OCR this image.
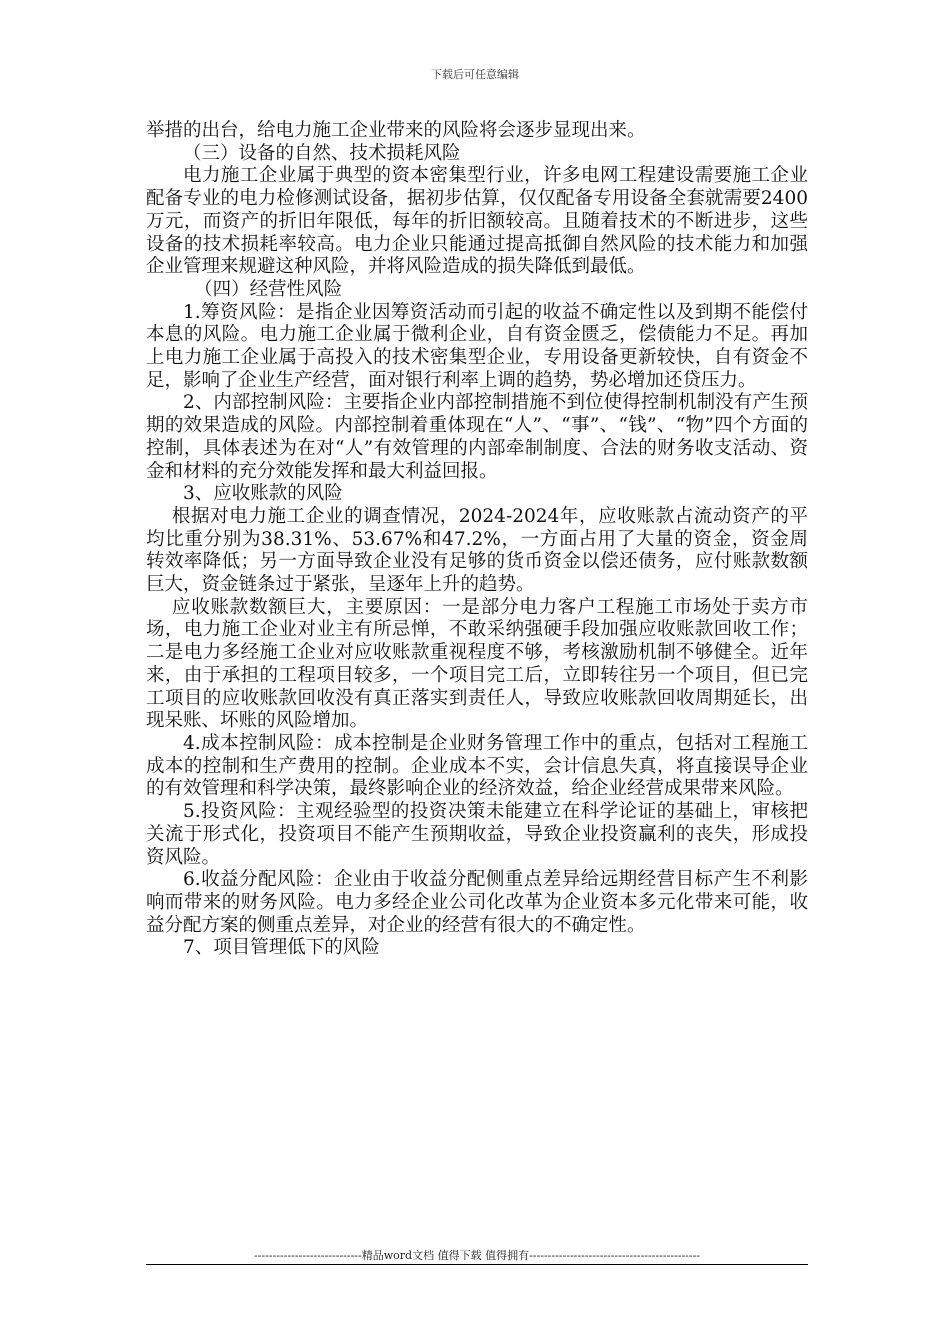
下载后可任意编辑

举措的出台，给电力施工企业带来的风险将会逐步显现出来。

（三）设备的自然、技术损耗风险

电力施工企业属于典型的资本密集型行业，许多电网工程建设需要施工企业配备专业的电力检修测试设备，据初步估算，仅仅配备专用设备全套就需要2400万元，而资产的折旧年限低，每年的折旧额较高。且随着技术的不断进步，这些设备的技术损耗率较高。电力企业只能通过提高抵御自然风险的技术能力和加强企业管理来规避这种风险，并将风险造成的损失降低到最低。

（四）经营性风险

1.筹资风险：是指企业因筹资活动而引起的收益不确定性以及到期不能偿付本息的风险。电力施工企业属于微利企业，自有资金匮乏，偿债能力不足。再加上电力施工企业属于高投入的技术密集型企业，专用设备更新较快，自有资金不足，影响了企业生产经营，面对银行利率上调的趋势，势必增加还贷压力。

2、内部控制风险：主要指企业内部控制措施不到位使得控制机制没有产生预期的效果造成的风险。内部控制着重体现在“人”、“事”、“钱”、“物”四个方面的控制，具体表述为在对“人”有效管理的内部牵制制度、合法的财务收支活动、资金和材料的充分效能发挥和最大利益回报。

3、应收账款的风险

根据对电力施工企业的调查情况，2024-2024年，应收账款占流动资产的平均比重分别为38.31%、53.67%和47.2%，一方面占用了大量的资金，资金周转效率降低；另一方面导致企业没有足够的货币资金以偿还债务，应付账款数额巨大，资金链条过于紧张，呈逐年上升的趋势。

应收账款数额巨大，主要原因：一是部分电力客户工程施工市场处于卖方市场，电力施工企业对业主有所忌惮，不敢采纳强硬手段加强应收账款回收工作；二是电力多经施工企业对应收账款重视程度不够，考核激励机制不够健全。近年来，由于承担的工程项目较多，一个项目完工后，立即转往另一个项目，但已完工项目的应收账款回收没有真正落实到责任人，导致应收账款回收周期延长，出现呆账、坏账的风险增加。

4.成本控制风险：成本控制是企业财务管理工作中的重点，包括对工程施工成本的控制和生产费用的控制。企业成本不实，会计信息失真，将直接误导企业的有效管理和科学决策，最终影响企业的经济效益，给企业经营成果带来风险。

5.投资风险：主观经验型的投资决策未能建立在科学论证的基础上，审核把关流于形式化，投资项目不能产生预期收益，导致企业投资赢利的丧失，形成投资风险。

6.收益分配风险：企业由于收益分配侧重点差异给远期经营目标产生不利影响而带来的财务风险。电力多经企业公司化改革为企业资本多元化带来可能，收益分配方案的侧重点差异，对企业的经营有很大的不确定性。

7、项目管理低下的风险

-----------------------------精品word文档 值得下载 值得拥有----------------------------------------------
